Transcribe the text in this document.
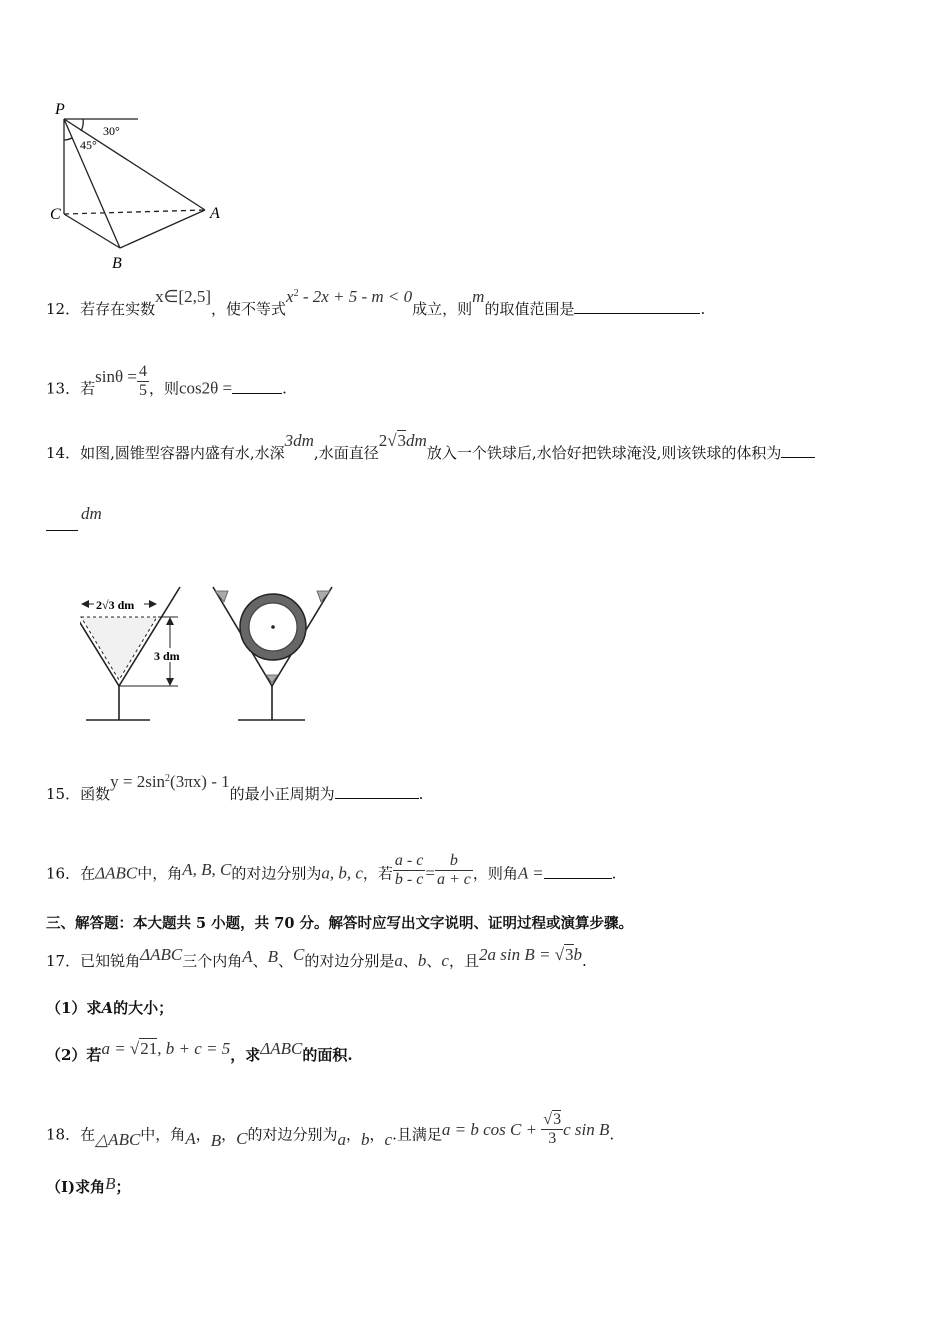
P
C	A
B
30°
45°
12．若存在实数x∈[2,5]，使不等式$x^2 - 2x + 5 - m < 0$成立，则m的取值范围是	.
13．若$\sin\theta = \frac{4}{5}$ ，则cos2θ =	.
14．如图,圆锥型容器内盛有水,水深3dm,水面直径2√3dm放入一个铁球后,水恰好把铁球淹没,则该铁球的体积为
dm
2√3 dm
3 dm
15．函数$y = 2\sin^2(3\pi x) - 1$的最小正周期为	.
16．在ΔABC中，角A, B, C的对边分别为a, b, c，若 $\frac{a - c}{b - c} = \frac{b}{a + c}$ ，则角A =	.
三、解答题：本大题共 5 小题，共 70 分。解答时应写出文字说明、证明过程或演算步骤。
17．已知锐角ΔABC三个内角A、B、C的对边分别是a、b、c，且2a sin B = √3b.
（1）求A的大小；
（2）若a = √21, b + c = 5，求ΔABC的面积.
18．在△ABC中，角A，B，C的对边分别为a，b，c.且满足a = b $\cos C + \frac{√3}{3}$ c sin B.
（Ⅰ)求角B；
